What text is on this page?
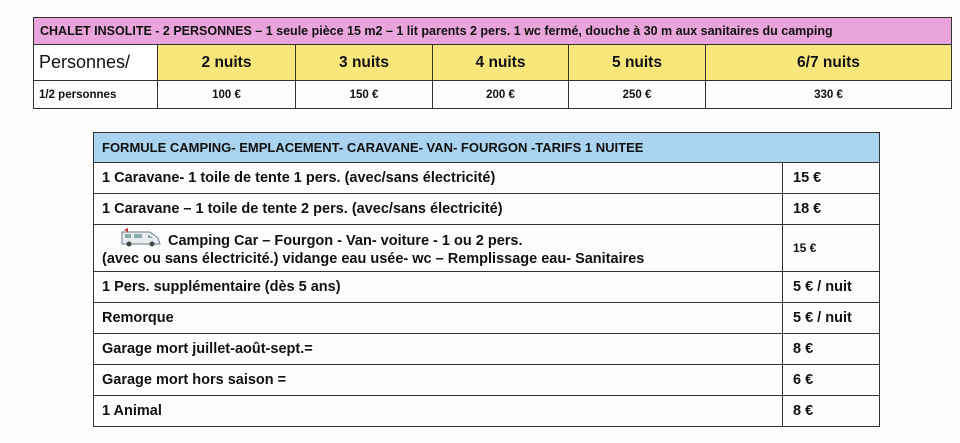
CHALET INSOLITE - 2 PERSONNES – 1 seule pièce 15 m2 – 1 lit parents 2 pers. 1 wc fermé, douche à 30 m aux sanitaires du camping					
Personnes/	2 nuits	3 nuits	4 nuits	5 nuits	6/7 nuits
1/2 personnes	100 €	150 €	200 €	250 €	330 €
FORMULE CAMPING- EMPLACEMENT- CARAVANE- VAN- FOURGON -TARIFS 1 NUITEE	
1 Caravane- 1 toile de tente 1 pers. (avec/sans électricité)	15 €
1 Caravane – 1 toile de tente 2 pers. (avec/sans électricité)	18 €

Camping Car – Fourgon - Van- voiture - 1 ou 2 pers.
(avec ou sans électricité.) vidange eau usée- wc – Remplissage eau- Sanitaires	15 €
1 Pers. supplémentaire (dès 5 ans)	5 € / nuit
Remorque	5 € / nuit
Garage mort juillet-août-sept.=	8 €
Garage mort hors saison =	6 €
1 Animal	8 €
